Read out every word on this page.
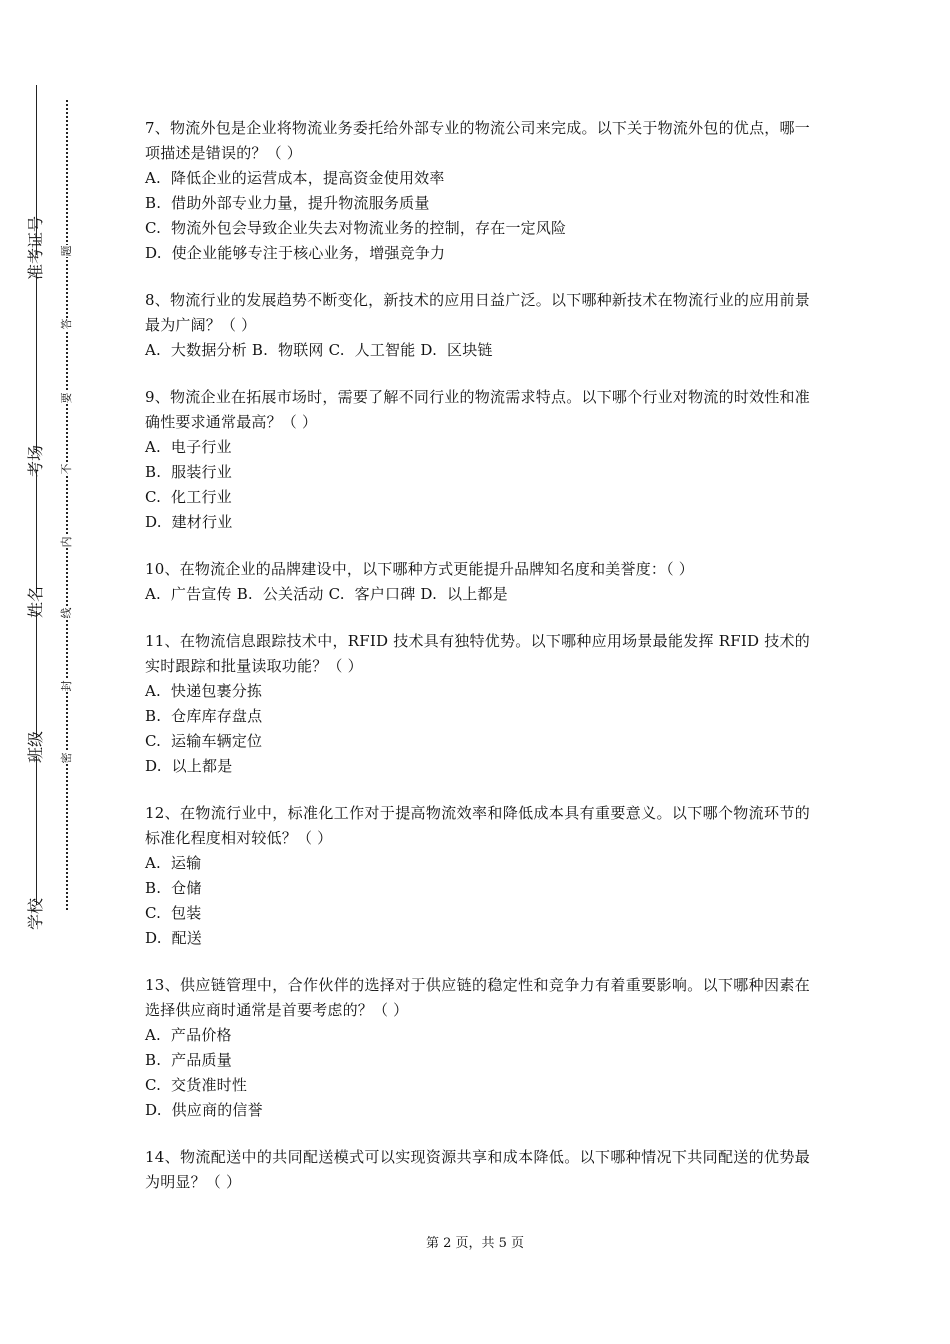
准考证号
考场
姓名
班级
学校
题
答
要
不
内
线
封
密

7、物流外包是企业将物流业务委托给外部专业的物流公司来完成。以下关于物流外包的优点，哪一项描述是错误的？（ ）

A.  降低企业的运营成本，提高资金使用效率

B.  借助外部专业力量，提升物流服务质量

C.  物流外包会导致企业失去对物流业务的控制，存在一定风险

D.  使企业能够专注于核心业务，增强竞争力

8、物流行业的发展趋势不断变化，新技术的应用日益广泛。以下哪种新技术在物流行业的应用前景最为广阔？（ ）

A.  大数据分析 B.  物联网 C.  人工智能 D.  区块链

9、物流企业在拓展市场时，需要了解不同行业的物流需求特点。以下哪个行业对物流的时效性和准确性要求通常最高？（ ）

A.  电子行业

B.  服装行业

C.  化工行业

D.  建材行业

10、在物流企业的品牌建设中，以下哪种方式更能提升品牌知名度和美誉度：（ ）

A.  广告宣传 B.  公关活动 C.  客户口碑 D.  以上都是

11、在物流信息跟踪技术中，RFID 技术具有独特优势。以下哪种应用场景最能发挥 RFID 技术的实时跟踪和批量读取功能？（ ）

A.  快递包裹分拣

B.  仓库库存盘点

C.  运输车辆定位

D.  以上都是

12、在物流行业中，标准化工作对于提高物流效率和降低成本具有重要意义。以下哪个物流环节的标准化程度相对较低？（ ）

A.  运输

B.  仓储

C.  包装

D.  配送

13、供应链管理中，合作伙伴的选择对于供应链的稳定性和竞争力有着重要影响。以下哪种因素在选择供应商时通常是首要考虑的？（ ）

A.  产品价格

B.  产品质量

C.  交货准时性

D.  供应商的信誉

14、物流配送中的共同配送模式可以实现资源共享和成本降低。以下哪种情况下共同配送的优势最为明显？（ ）

第 2 页，共 5 页
